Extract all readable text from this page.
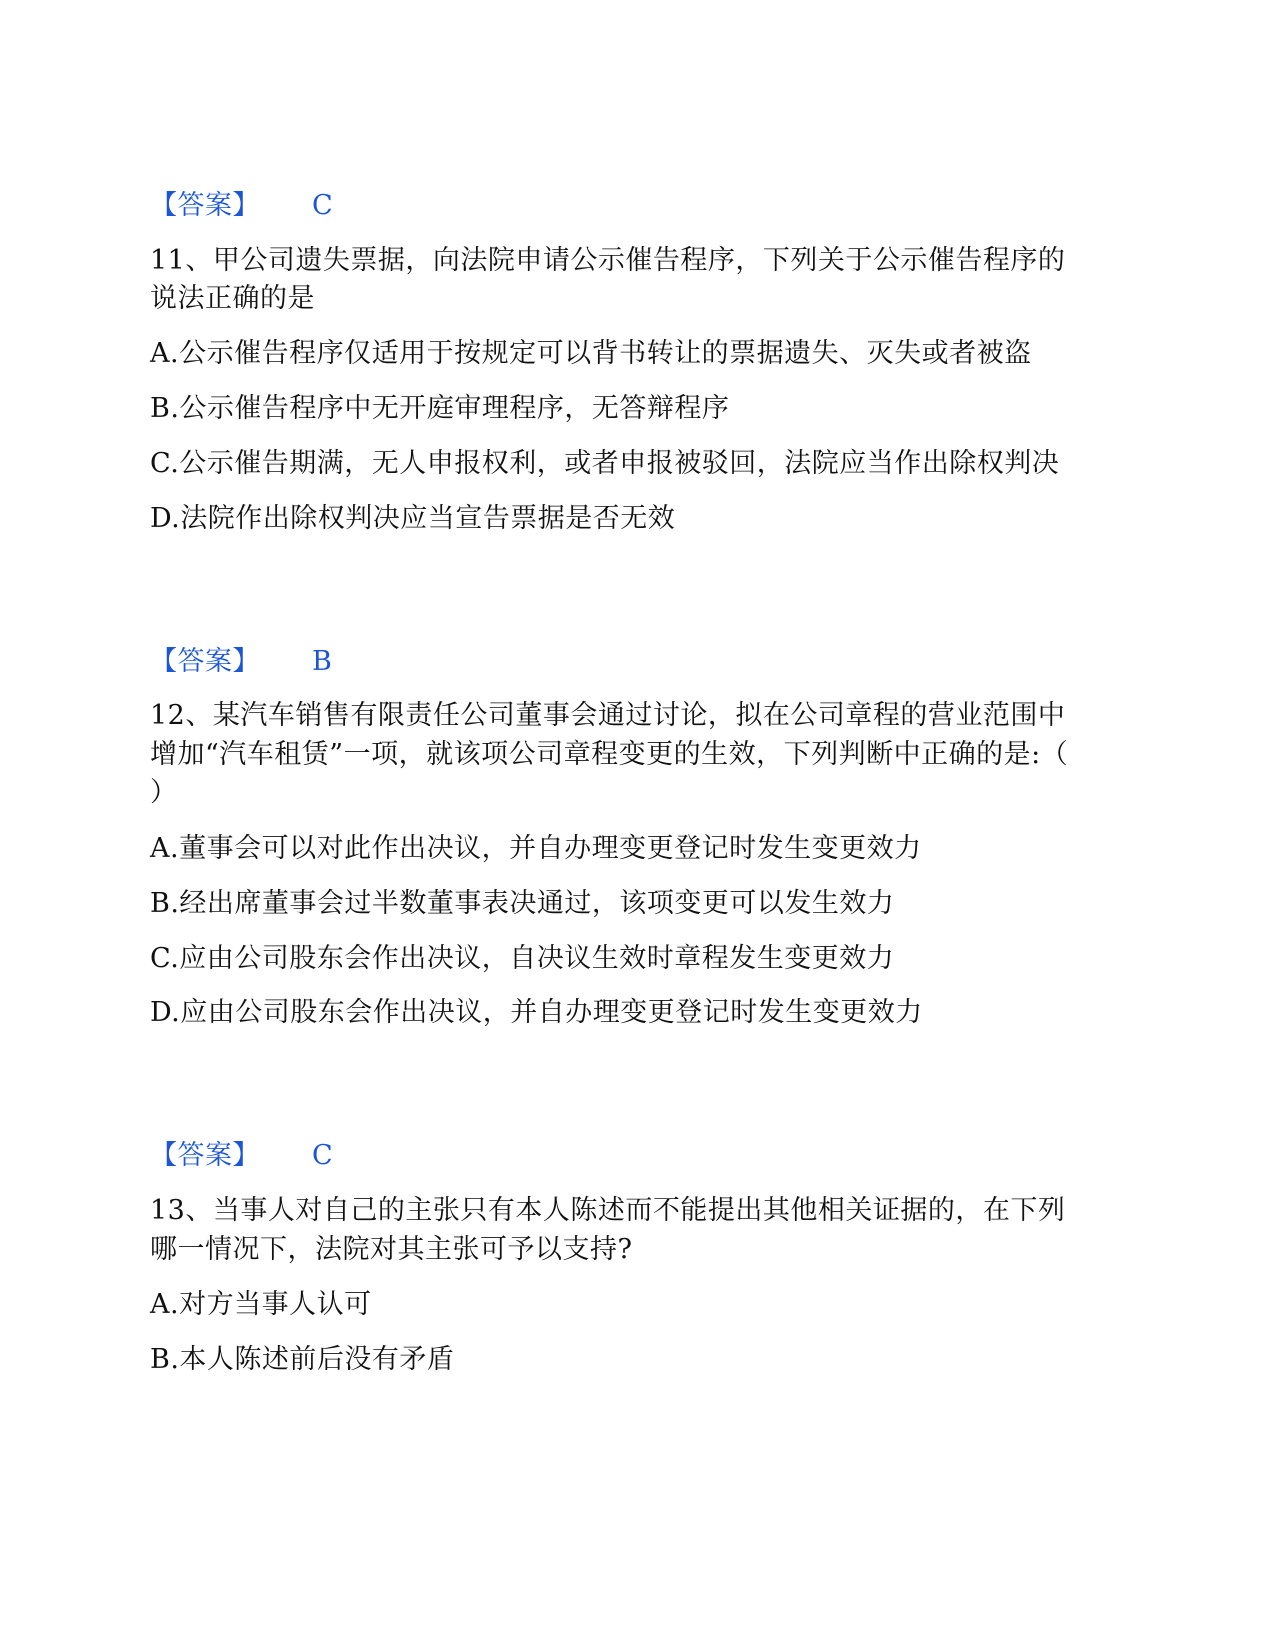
【答案】 C
11、甲公司遗失票据，向法院申请公示催告程序，下列关于公示催告程序的
说法正确的是
A.公示催告程序仅适用于按规定可以背书转让的票据遗失、灭失或者被盗
B.公示催告程序中无开庭审理程序，无答辩程序
C.公示催告期满，无人申报权利，或者申报被驳回，法院应当作出除权判决
D.法院作出除权判决应当宣告票据是否无效
【答案】 B
12、某汽车销售有限责任公司董事会通过讨论，拟在公司章程的营业范围中
增加“汽车租赁”一项，就该项公司章程变更的生效，下列判断中正确的是:（
）
A.董事会可以对此作出决议，并自办理变更登记时发生变更效力
B.经出席董事会过半数董事表决通过，该项变更可以发生效力
C.应由公司股东会作出决议，自决议生效时章程发生变更效力
D.应由公司股东会作出决议，并自办理变更登记时发生变更效力
【答案】 C
13、当事人对自己的主张只有本人陈述而不能提出其他相关证据的，在下列
哪一情况下，法院对其主张可予以支持?
A.对方当事人认可
B.本人陈述前后没有矛盾
